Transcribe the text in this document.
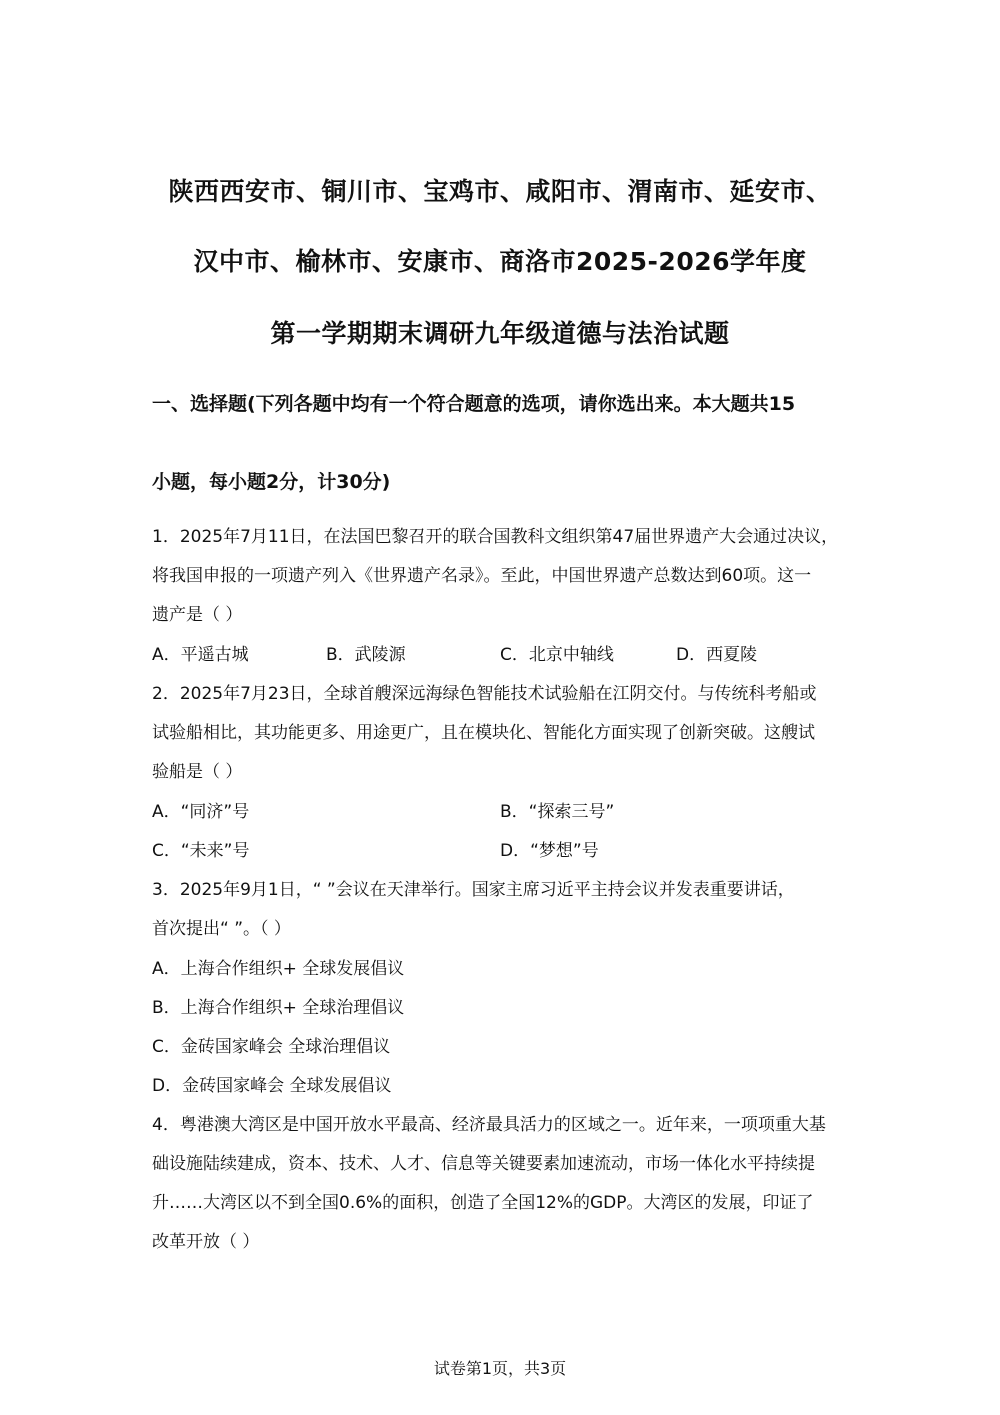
陕西西安市、铜川市、宝鸡市、咸阳市、渭南市、延安市、
汉中市、榆林市、安康市、商洛市2025-2026学年度
第一学期期末调研九年级道德与法治试题
一、选择题(下列各题中均有一个符合题意的选项，请你选出来。本大题共15
小题，每小题2分，计30分)
1．2025年7月11日，在法国巴黎召开的联合国教科文组织第47届世界遗产大会通过决议，
将我国申报的一项遗产列入《世界遗产名录》。至此，中国世界遗产总数达到60项。这一
遗产是（ ）
A．平遥古城	B．武陵源	C．北京中轴线	D．西夏陵
2．2025年7月23日，全球首艘深远海绿色智能技术试验船在江阴交付。与传统科考船或
试验船相比，其功能更多、用途更广，且在模块化、智能化方面实现了创新突破。这艘试
验船是（ ）
A．“同济”号	B．“探索三号”
C．“未来”号	D．“梦想”号
3．2025年9月1日，“ ”会议在天津举行。国家主席习近平主持会议并发表重要讲话，
首次提出“ ”。（ ）
A．上海合作组织+ 全球发展倡议
B．上海合作组织+ 全球治理倡议
C．金砖国家峰会 全球治理倡议
D．金砖国家峰会 全球发展倡议
4．粤港澳大湾区是中国开放水平最高、经济最具活力的区域之一。近年来，一项项重大基
础设施陆续建成，资本、技术、人才、信息等关键要素加速流动，市场一体化水平持续提
升……大湾区以不到全国0.6%的面积，创造了全国12%的GDP。大湾区的发展，印证了
改革开放（ ）
试卷第1页，共3页
